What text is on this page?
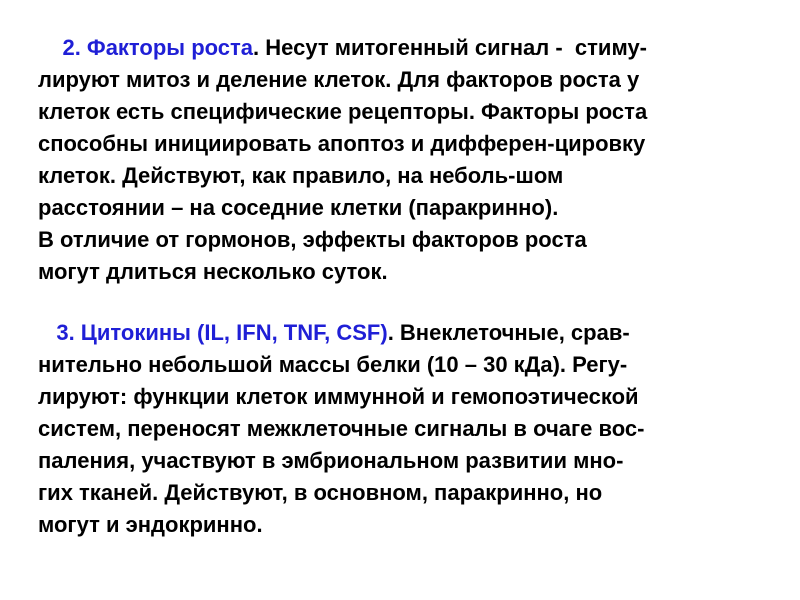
2. Факторы роста. Несут митогенный сигнал -  стиму-
лируют митоз и деление клеток. Для факторов роста у
клеток есть специфические рецепторы. Факторы роста
способны инициировать апоптоз и дифферен-цировку
клеток. Действуют, как правило, на неболь-шом
расстоянии – на соседние клетки (паракринно).
В отличие от гормонов, эффекты факторов роста
могут длиться несколько суток.
3. Цитокины (IL, IFN, TNF, CSF). Внеклеточные, срав-
нительно небольшой массы белки (10 – 30 кДа). Регу-
лируют: функции клеток иммунной и гемопоэтической
систем, переносят межклеточные сигналы в очаге вос-
паления, участвуют в эмбриональном развитии мно-
гих тканей. Действуют, в основном, паракринно, но
могут и эндокринно.
